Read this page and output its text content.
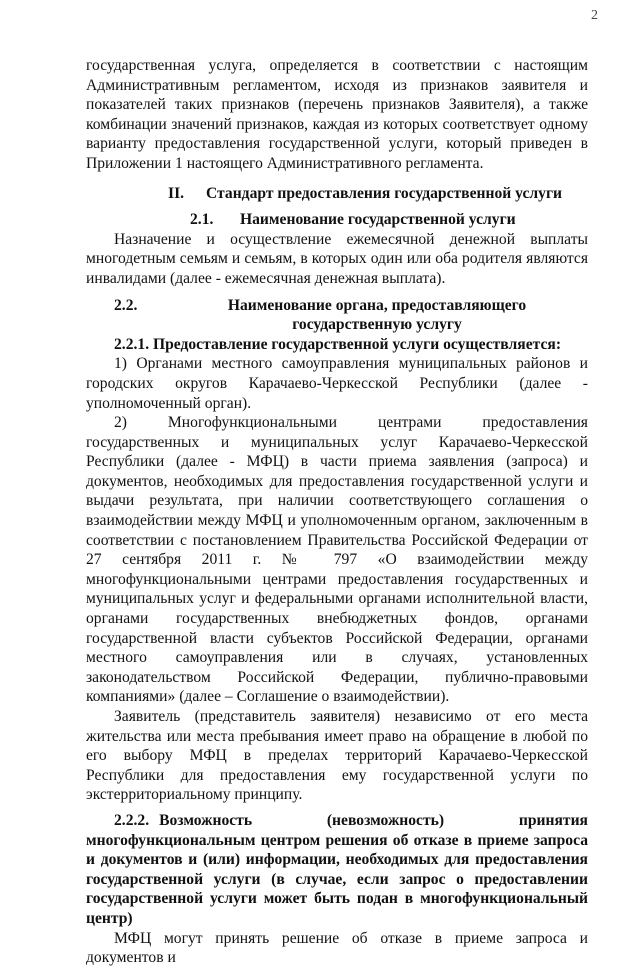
2

государственная услуга, определяется в соответствии с настоящим Административным регламентом, исходя из признаков заявителя и показателей таких признаков (перечень признаков Заявителя), а также комбинации значений признаков, каждая из которых соответствует одному варианту предоставления государственной услуги, который приведен в Приложении 1 настоящего Административного регламента.

II. Стандарт предоставления государственной услуги

2.1. Наименование государственной услуги

Назначение и осуществление ежемесячной денежной выплаты многодетным семьям и семьям, в которых один или оба родителя являются инвалидами (далее - ежемесячная денежная выплата).

2.2.	Наименование органа, предоставляющего государственную услугу

2.2.1. Предоставление государственной услуги осуществляется:

1) Органами местного самоуправления муниципальных районов и городских округов Карачаево-Черкесской Республики (далее - уполномоченный орган).

2) Многофункциональными центрами предоставления государственных и муниципальных услуг Карачаево-Черкесской Республики (далее - МФЦ) в части приема заявления (запроса) и документов, необходимых для предоставления государственной услуги и выдачи результата, при наличии соответствующего соглашения о взаимодействии между МФЦ и уполномоченным органом, заключенным в соответствии с постановлением Правительства Российской Федерации от 27 сентября 2011 г. № 797 «О взаимодействии между многофункциональными центрами предоставления государственных и муниципальных услуг и федеральными органами исполнительной власти, органами государственных внебюджетных фондов, органами государственной власти субъектов Российской Федерации, органами местного самоуправления или в случаях, установленных законодательством Российской Федерации, публично-правовыми компаниями» (далее – Соглашение о взаимодействии).

Заявитель (представитель заявителя) независимо от его места жительства или места пребывания имеет право на обращение в любой по его выбору МФЦ в пределах территорий Карачаево-Черкесской Республики для предоставления ему государственной услуги по экстерриториальному принципу.

2.2.2. Возможность (невозможность) принятия многофункциональным центром решения об отказе в приеме запроса и документов и (или) информации, необходимых для предоставления государственной услуги (в случае, если запрос о предоставлении государственной услуги может быть подан в многофункциональный центр)

МФЦ могут принять решение об отказе в приеме запроса и документов и
